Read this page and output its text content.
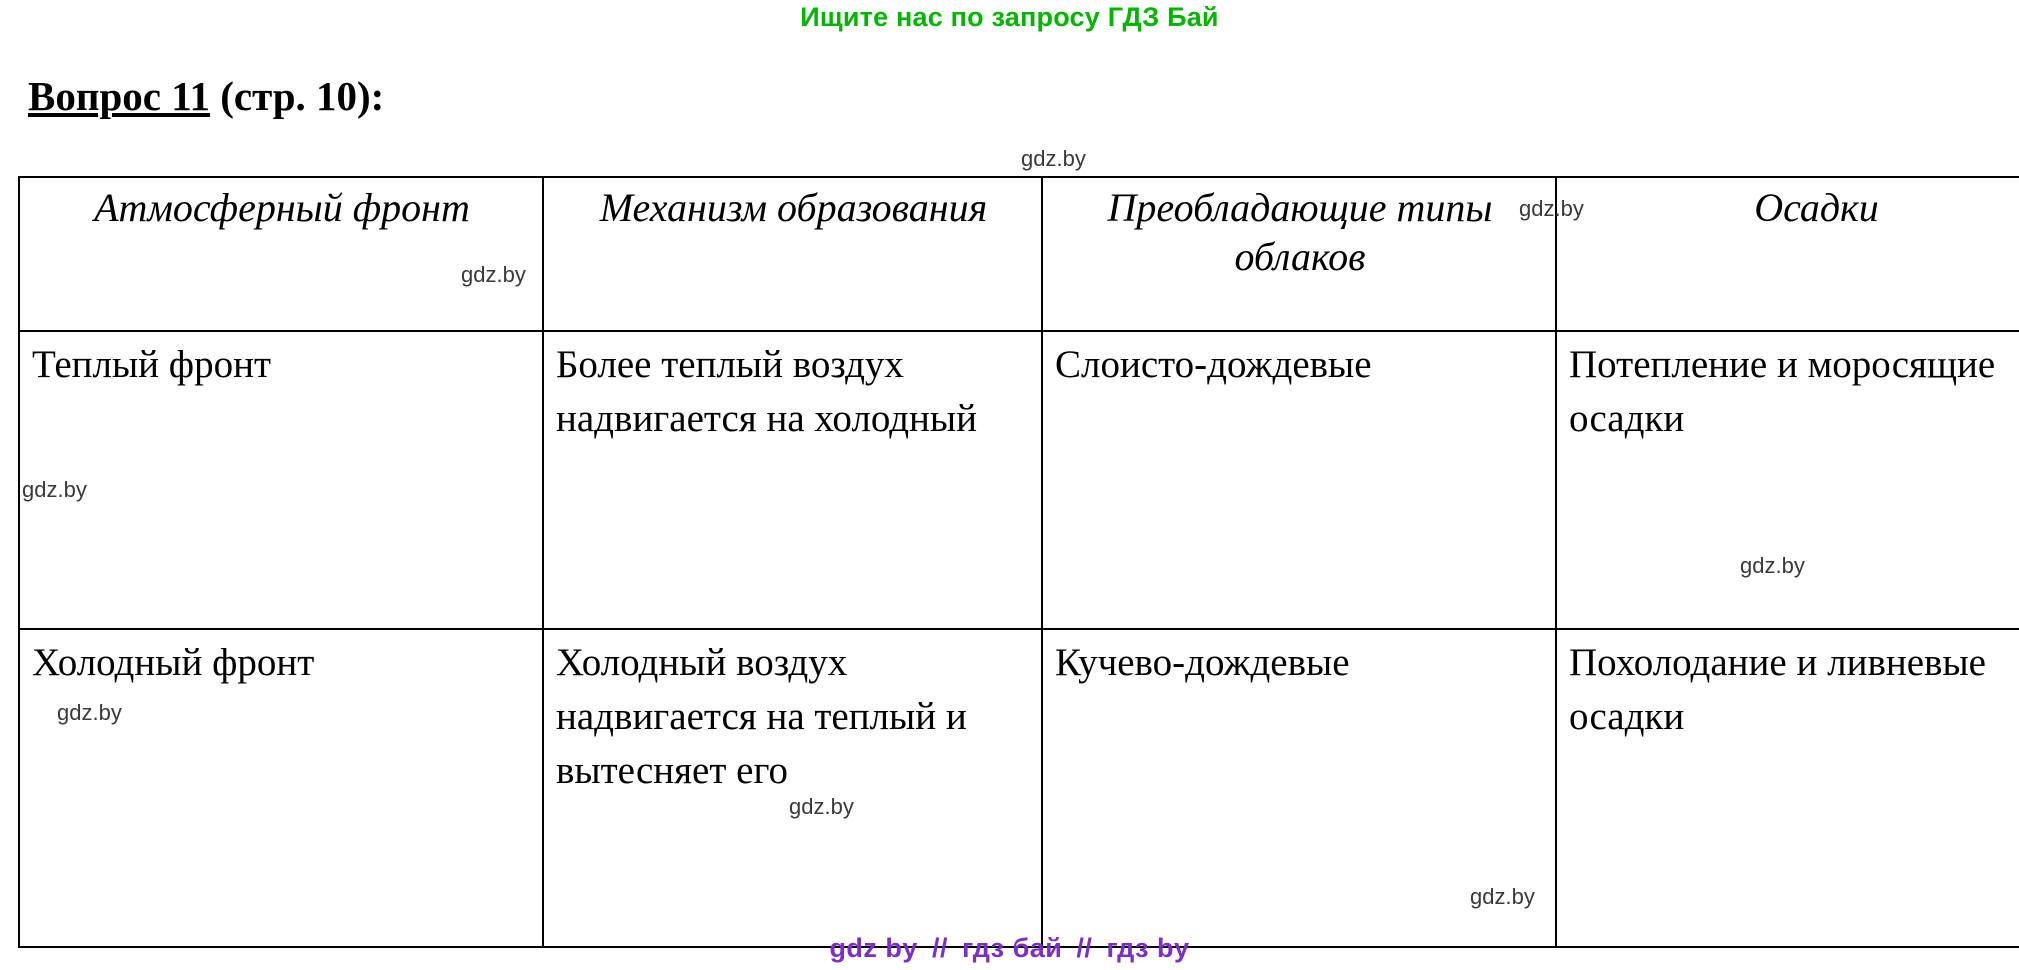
Ищите нас по запросу ГДЗ Бай
Вопрос 11 (стр. 10):
Атмосферный фронт	Механизм образования	Преобладающие типы облаков	Осадки
Теплый фронт	Более теплый воздух надвигается на холодный	Слоисто-дождевые	Потепление и моросящие осадки
Холодный фронт	Холодный воздух надвигается на теплый и вытесняет его	Кучево-дождевые	Похолодание и ливневые осадки
gdz.by
gdz.by
gdz.by
gdz.by
gdz.by
gdz.by
gdz.by
gdz.by
gdz by // гдз бай // гдз by
